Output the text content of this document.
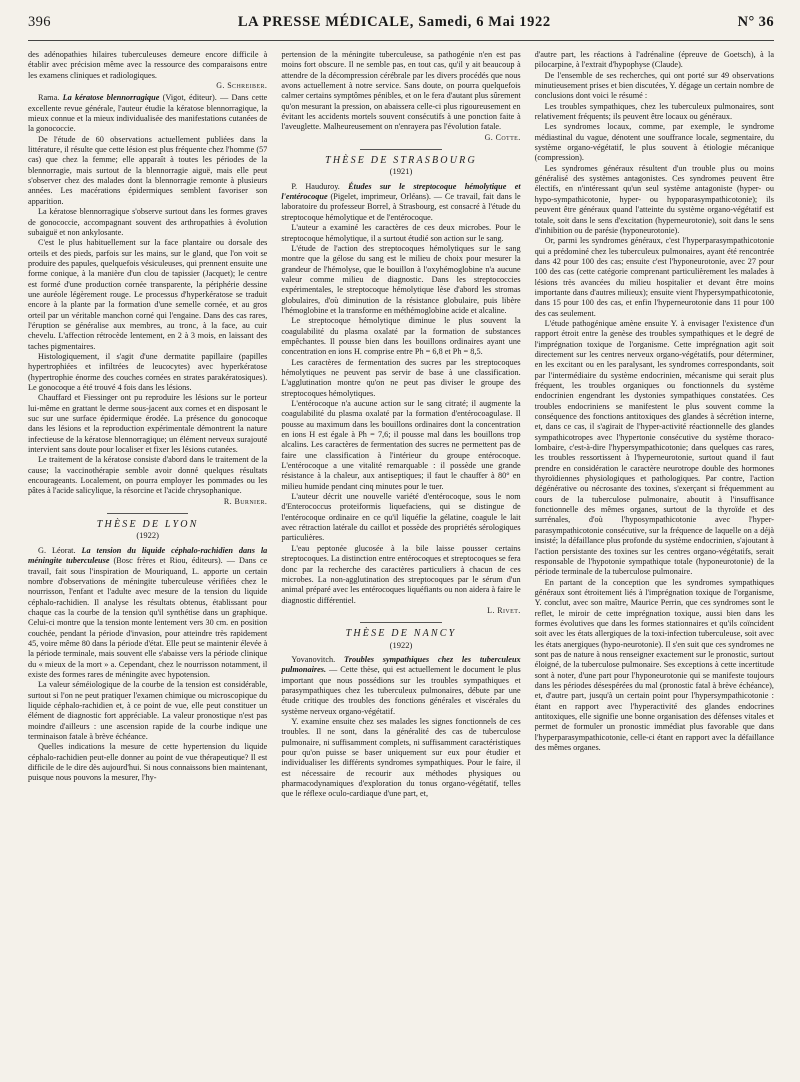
396	LA PRESSE MÉDICALE, Samedi, 6 Mai 1922	N° 36

des adénopathies hilaires tuberculeuses demeure encore difficile à établir avec précision même avec la ressource des comparaisons entre les examens cliniques et radiologiques.

G. Schreiber.

Rama. La kératose blennorragique (Vigot, éditeur). — Dans cette excellente revue générale, l'auteur étudie la kératose blennorragique, la mieux connue et la mieux individualisée des manifestations cutanées de la gonococcie.

De l'étude de 60 observations actuellement publiées dans la littérature, il résulte que cette lésion est plus fréquente chez l'homme (57 cas) que chez la femme; elle apparaît à toutes les périodes de la blennorragie, mais surtout de la blennorragie aiguë, mais elle peut s'observer chez des malades dont la blennorragie remonte à plusieurs années. Les macérations épidermiques semblent favoriser son apparition.

La kératose blennorragique s'observe surtout dans les formes graves de gonococcie, accompagnant souvent des arthropathies à évolution subaiguë et non ankylosante.

C'est le plus habituellement sur la face plantaire ou dorsale des orteils et des pieds, parfois sur les mains, sur le gland, que l'on voit se produire des papules, quelquefois vésiculeuses, qui prennent ensuite une forme conique, à la manière d'un clou de tapissier (Jacquet); le centre est formé d'une production cornée transparente, la périphérie dessine une auréole légèrement rouge. Le processus d'hyperkératose se traduit encore à la plante par la formation d'une semelle cornée, et au gros orteil par un véritable manchon corné qui l'engaine. Dans des cas rares, l'éruption se généralise aux membres, au tronc, à la face, au cuir chevelu. L'affection rétrocède lentement, en 2 à 3 mois, en laissant des taches pigmentaires.

Histologiquement, il s'agit d'une dermatite papillaire (papilles hypertrophiées et infiltrées de leucocytes) avec hyperkératose (hypertrophie énorme des couches cornées en strates parakératosiques). Le gonocoque a été trouvé 4 fois dans les lésions.

Chauffard et Fiessinger ont pu reproduire les lésions sur le porteur lui-même en grattant le derme sous-jacent aux cornes et en disposant le suc sur une surface épidermique érodée. La présence du gonocoque dans les lésions et la reproduction expérimentale démontrent la nature infectieuse de la kératose blennorragique; un élément nerveux surajouté intervient sans doute pour localiser et fixer les lésions cutanées.

Le traitement de la kératose consiste d'abord dans le traitement de la cause; la vaccinothérapie semble avoir donné quelques résultats encourageants. Localement, on pourra employer les pommades ou les pâtes à l'acide salicylique, la résorcine et l'acide chrysophanique.

R. Burnier.
THÈSE DE LYON
(1922)

G. Léorat. La tension du liquide céphalo-rachidien dans la méningite tuberculeuse (Bosc frères et Riou, éditeurs). — Dans ce travail, fait sous l'inspiration de Mouriquand, L. apporte un certain nombre d'observations de méningite tuberculeuse vérifiées chez le nourrisson, l'enfant et l'adulte avec mesure de la tension du liquide céphalo-rachidien. Il analyse les résultats obtenus, établissant pour chaque cas la courbe de la tension qu'il synthétise dans un graphique. Celui-ci montre que la tension monte lentement vers 30 cm. en position couchée, pendant la période d'invasion, pour atteindre très rapidement 45, voire même 80 dans la période d'état. Elle peut se maintenir élevée à la période terminale, mais souvent elle s'abaisse vers la période clinique du « mieux de la mort » a. Cependant, chez le nourrisson notamment, il existe des formes rares de méningite avec hypotension.

La valeur séméiologique de la courbe de la tension est considérable, surtout si l'on ne peut pratiquer l'examen chimique ou microscopique du liquide céphalo-rachidien et, à ce point de vue, elle peut constituer un élément de diagnostic fort appréciable. La valeur pronostique n'est pas moindre d'ailleurs : une ascension rapide de la courbe indique une terminaison fatale à brève échéance.

Quelles indications la mesure de cette hypertension du liquide céphalo-rachidien peut-elle donner au point de vue thérapeutique? Il est difficile de le dire dès aujourd'hui. Si nous connaissons bien maintenant, puisque nous pouvons la mesurer, l'hy-

pertension de la méningite tuberculeuse, sa pathogénie n'en est pas moins fort obscure. Il ne semble pas, en tout cas, qu'il y ait beaucoup à attendre de la décompression cérébrale par les divers procédés que nous avons actuellement à notre service. Sans doute, on pourra quelquefois calmer certains symptômes pénibles, et on le fera d'autant plus sûrement qu'on mesurant la pression, on abaissera celle-ci plus rigoureusement en évitant les accidents mortels souvent consécutifs à une ponction faite à l'aveuglette. Malheureusement on n'enrayera pas l'évolution fatale.

G. Cotte.
THÈSE DE STRASBOURG
(1921)

P. Hauduroy. Études sur le streptocoque hémolytique et l'entérocoque (Pigelet, imprimeur, Orléans). — Ce travail, fait dans le laboratoire du professeur Borrel, à Strasbourg, est consacré à l'étude du streptocoque hémolytique et de l'entérocoque.

L'auteur a examiné les caractères de ces deux microbes. Pour le streptocoque hémolytique, il a surtout étudié son action sur le sang.

L'étude de l'action des streptocoques hémolytiques sur le sang montre que la gélose du sang est le milieu de choix pour mesurer la grandeur de l'hémolyse, que le bouillon à l'oxyhémoglobine n'a aucune valeur comme milieu de diagnostic. Dans les streptococcies expérimentales, le streptocoque hémolytique lèse d'abord les stromas globulaires, d'où diminution de la résistance globulaire, puis libère l'hémoglobine et la transforme en méthémoglobine acide et alcaline.

Le streptocoque hémolytique diminue le plus souvent la coagulabilité du plasma oxalaté par la formation de substances empêchantes. Il pousse bien dans les bouillons ordinaires ayant une concentration en ions H. comprise entre Ph = 6,8 et Ph = 8,5.

Les caractères de fermentation des sucres par les streptocoques hémolytiques ne peuvent pas servir de base à une classification. L'agglutination montre qu'on ne peut pas diviser le groupe des streptocoques hémolytiques.

L'entérocoque n'a aucune action sur le sang citraté; il augmente la coagulabilité du plasma oxalaté par la formation d'entérocoagulase. Il pousse au maximum dans les bouillons ordinaires dont la concentration en ions H est égale à Ph = 7,6; il pousse mal dans les bouillons trop alcalins. Les caractères de fermentation des sucres ne permettent pas de faire une classification à l'intérieur du groupe entérocoque. L'entérocoque a une vitalité remarquable : il possède une grande résistance à la chaleur, aux antiseptiques; il faut le chauffer à 80° en milieu humide pendant cinq minutes pour le tuer.

L'auteur décrit une nouvelle variété d'entérocoque, sous le nom d'Enterococcus proteiformis liquefaciens, qui se distingue de l'entérocoque ordinaire en ce qu'il liquéfie la gélatine, coagule le lait avec rétraction latérale du caillot et possède des propriétés sérologiques particulières.

L'eau peptonée glucosée à la bile laisse pousser certains streptocoques. La distinction entre entérocoques et streptocoques se fera donc par la recherche des caractères particuliers à chacun de ces microbes. La non-agglutination des streptocoques par le sérum d'un animal préparé avec les entérocoques liquéfiants ou non aidera à faire le diagnostic différentiel.

L. Rivet.
THÈSE DE NANCY
(1922)

Yovanovitch. Troubles sympathiques chez les tuberculeux pulmonaires. — Cette thèse, qui est actuellement le document le plus important que nous possédions sur les troubles sympathiques et parasympathiques chez les tuberculeux pulmonaires, débute par une étude critique des troubles des fonctions générales et viscérales du système nerveux organo-végétatif.

Y. examine ensuite chez ses malades les signes fonctionnels de ces troubles. Il ne sont, dans la généralité des cas de tuberculose pulmonaire, ni suffisamment complets, ni suffisamment caractéristiques pour qu'on puisse se baser uniquement sur eux pour étudier et individualiser les différents syndromes sympathiques. Pour le faire, il est nécessaire de recourir aux méthodes physiques ou pharmacodynamiques d'exploration du tonus organo-végétatif, telles que le réflexe oculo-cardiaque d'une part, et,

d'autre part, les réactions à l'adrénaline (épreuve de Goetsch), à la pilocarpine, à l'extrait d'hypophyse (Claude).

De l'ensemble de ses recherches, qui ont porté sur 49 observations minutieusement prises et bien discutées, Y. dégage un certain nombre de conclusions dont voici le résumé :

Les troubles sympathiques, chez les tuberculeux pulmonaires, sont relativement fréquents; ils peuvent être locaux ou généraux.

Les syndromes locaux, comme, par exemple, le syndrome médiastinal du vague, dénotent une souffrance locale, segmentaire, du système organo-végétatif, le plus souvent à étiologie mécanique (compression).

Les syndromes généraux résultent d'un trouble plus ou moins généralisé des systèmes antagonistes. Ces syndromes peuvent être électifs, en n'intéressant qu'un seul système antagoniste (hyper- ou hypo-sympathicotonie, hyper- ou hypoparasympathicotonie); ils peuvent être généraux quand l'atteinte du système organo-végétatif est totale, soit dans le sens d'excitation (hyperneurotonie), soit dans le sens d'inhibition ou de parésie (hyponeurotonie).

Or, parmi les syndromes généraux, c'est l'hyperparasympathicotonie qui a prédominé chez les tuberculeux pulmonaires, ayant été rencontrée dans 42 pour 100 des cas; ensuite c'est l'hyponeurotonie, avec 27 pour 100 des cas (cette catégorie comprenant particulièrement les malades à lésions très avancées du milieu hospitalier et devant être moins importante dans d'autres milieux); ensuite vient l'hypersympathicotonie, dans 15 pour 100 des cas, et enfin l'hyperneurotonie dans 11 pour 100 des cas seulement.

L'étude pathogénique amène ensuite Y. à envisager l'existence d'un rapport étroit entre la genèse des troubles sympathiques et le degré de l'imprégnation toxique de l'organisme. Cette imprégnation agit soit directement sur les centres nerveux organo-végétatifs, pour déterminer, en les excitant ou en les paralysant, les syndromes correspondants, soit par l'intermédiaire du système endocrinien, mécanisme qui serait plus fréquent, les troubles organiques ou fonctionnels du système endocrinien engendrant les dystonies sympathiques constatées. Ces troubles endocriniens se manifestent le plus souvent comme la conséquence des fonctions antitoxiques des glandes à sécrétion interne, et, dans ce cas, il s'agirait de l'hyper-activité réactionnelle des glandes sympathicotropes avec l'hypertonie consécutive du système thoraco-lombaire, c'est-à-dire l'hypersympathicotonie; dans quelques cas rares, les troubles ressortissent à l'hyperneurotonie, surtout quand il faut prendre en considération le caractère neurotrope double des hormones thyroïdiennes physiologiques et pathologiques. Par contre, l'action dégénérative ou nécrosante des toxines, s'exerçant si fréquemment au cours de la tuberculose pulmonaire, aboutit à l'insuffisance fonctionnelle des mêmes organes, surtout de la thyroïde et des surrénales, d'où l'hyposympathicotonie avec l'hyper-parasympathicotonie consécutive, sur la fréquence de laquelle on a déjà insisté; la défaillance plus profonde du système endocrinien, s'ajoutant à l'action persistante des toxines sur les centres organo-végétatifs, serait responsable de l'hypotonie sympathique totale (hyponeurotonie) de la période terminale de la tuberculose pulmonaire.

En partant de la conception que les syndromes sympathiques généraux sont étroitement liés à l'imprégnation toxique de l'organisme, Y. conclut, avec son maître, Maurice Perrin, que ces syndromes sont le reflet, le miroir de cette imprégnation toxique, aussi bien dans les formes évolutives que dans les formes stationnaires et qu'ils coïncident soit avec les états allergiques de la toxi-infection tuberculeuse, soit avec les états anergiques (hypo-neurotonie). Il s'en suit que ces syndromes ne sont pas de nature à nous renseigner exactement sur le pronostic, surtout éloigné, de la tuberculose pulmonaire. Ses exceptions à cette incertitude sont à noter, d'une part pour l'hyponeurotonie qui se manifeste toujours dans les périodes désespérées du mal (pronostic fatal à brève échéance), et, d'autre part, jusqu'à un certain point pour l'hypersympathicotonie : étant en rapport avec l'hyperactivité des glandes endocrines antitoxiques, elle signifie une bonne organisation des défenses vitales et permet de formuler un pronostic immédiat plus favorable que dans l'hyperparasympathicotonie, celle-ci étant en rapport avec la défaillance des mêmes organes.
